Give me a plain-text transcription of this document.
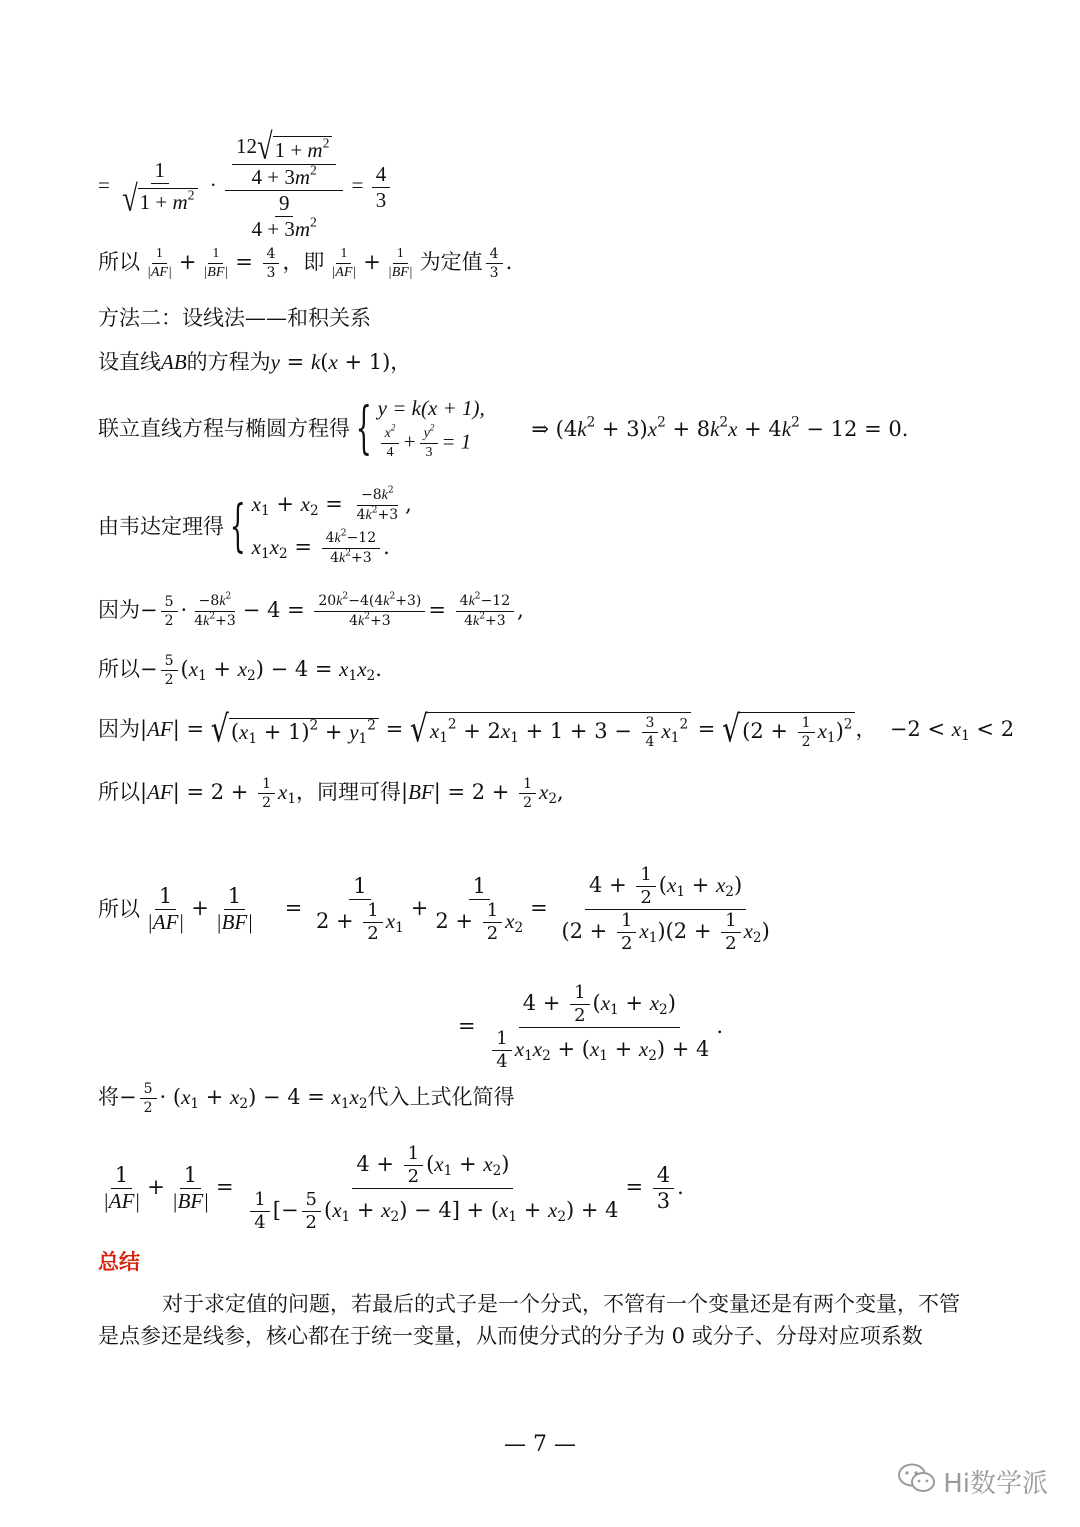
= $\frac{1}{√1 + m^2} \cdot \frac{\frac{12√1 + m^2}{4 + 3m^2}}{\frac{9}{4 + 3m^2}} = \frac{4}{3}$
所以 $\frac{1}{|AF|} + \frac{1}{|BF|} = \frac{4}{3}$ ，即 $\frac{1}{|AF|} + \frac{1}{|BF|}$ 为定值 $\frac{4}{3}$ .
方法二：设线法——和积关系
设直线AB的方程为y = k(x + 1)，
联立直线方程与椭圆方程得 { y = k(x + 1),
$\frac{x^2}{4} + \frac{y^2}{3} = 1$
⇒ $(4k^2 + 3)x^2 + 8k^2x + 4k^2 - 12 = 0$.
由韦达定理得 { $x_1 + x_2 = \frac{-8k^2}{4k^2+3}$ ,
$x_1x_2 = \frac{4k^2-12}{4k^2+3}$ .
因为− $\frac{5}{2} \cdot \frac{-8k^2}{4k^2+3} - 4 = \frac{20k^2-4(4k^2+3)}{4k^2+3} = \frac{4k^2-12}{4k^2+3}$ ,
所以− $\frac{5}{2} (x_1 + x_2) - 4 = x_1x_2$.
因为$|AF| = √(x_1 + 1)^2 + y_1^2 = √x_1^2 + 2x_1 + 1 + 3 - \frac{3}{4} x_1^2 = √(2 + \frac{1}{2} x_1)^2$ ，  $-2 < x_1 < 2$
所以$|AF| = 2 + \frac{1}{2} x_1$，同理可得$|BF| = 2 + \frac{1}{2} x_2$,
所以 $\frac{1}{|AF|} + \frac{1}{|BF|} = \frac{1}{2 + \frac{1}{2} x_1} + \frac{1}{2 + \frac{1}{2} x_2} = \frac{4 + \frac{1}{2} (x_1 + x_2)}{(2 + \frac{1}{2} x_1)(2 + \frac{1}{2} x_2)}$
= $\frac{4 + \frac{1}{2} (x_1 + x_2)}{\frac{1}{4} x_1x_2 + (x_1 + x_2) + 4}$ .
将− $\frac{5}{2} \cdot (x_1 + x_2) - 4 = x_1x_2$代入上式化简得
$\frac{1}{|AF|} + \frac{1}{|BF|} = \frac{4 + \frac{1}{2} (x_1 + x_2)}{\frac{1}{4} [- \frac{5}{2} (x_1 + x_2) - 4] + (x_1 + x_2) + 4} = \frac{4}{3}$ .
总结
对于求定值的问题，若最后的式子是一个分式，不管有一个变量还是有两个变量，不管是点参还是线参，核心都在于统一变量，从而使分式的分子为 0 或分子、分母对应项系数
— 7 —
Hi数学派
